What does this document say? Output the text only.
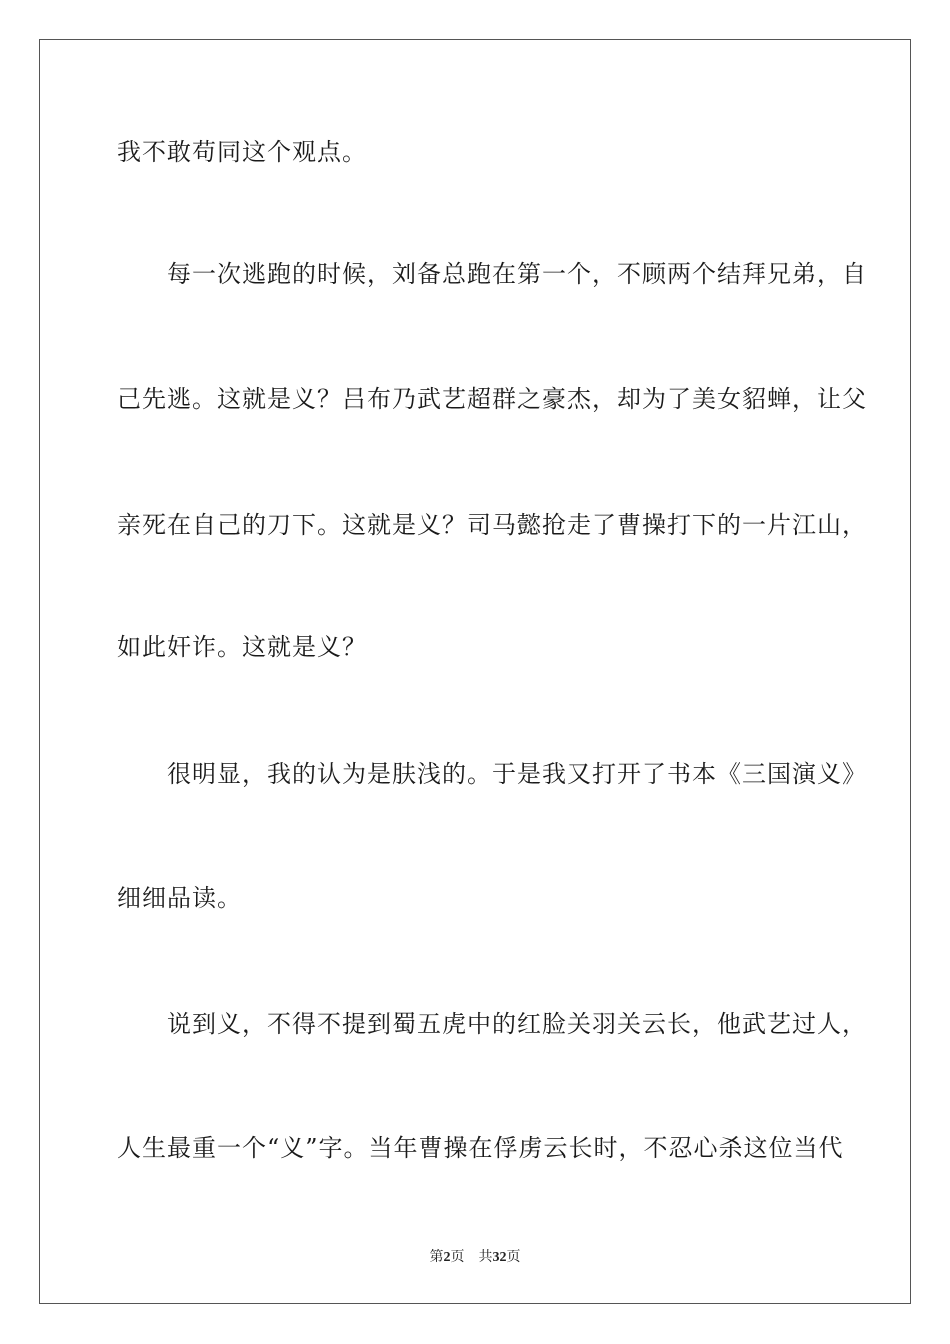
我不敢苟同这个观点。
　　每一次逃跑的时候，刘备总跑在第一个，不顾两个结拜兄弟，自
己先逃。这就是义？吕布乃武艺超群之豪杰，却为了美女貂蝉，让父
亲死在自己的刀下。这就是义？司马懿抢走了曹操打下的一片江山，
如此奸诈。这就是义？
　　很明显，我的认为是肤浅的。于是我又打开了书本《三国演义》
细细品读。
　　说到义，不得不提到蜀五虎中的红脸关羽关云长，他武艺过人，
人生最重一个“义”字。当年曹操在俘虏云长时，不忍心杀这位当代
第2页 共32页
